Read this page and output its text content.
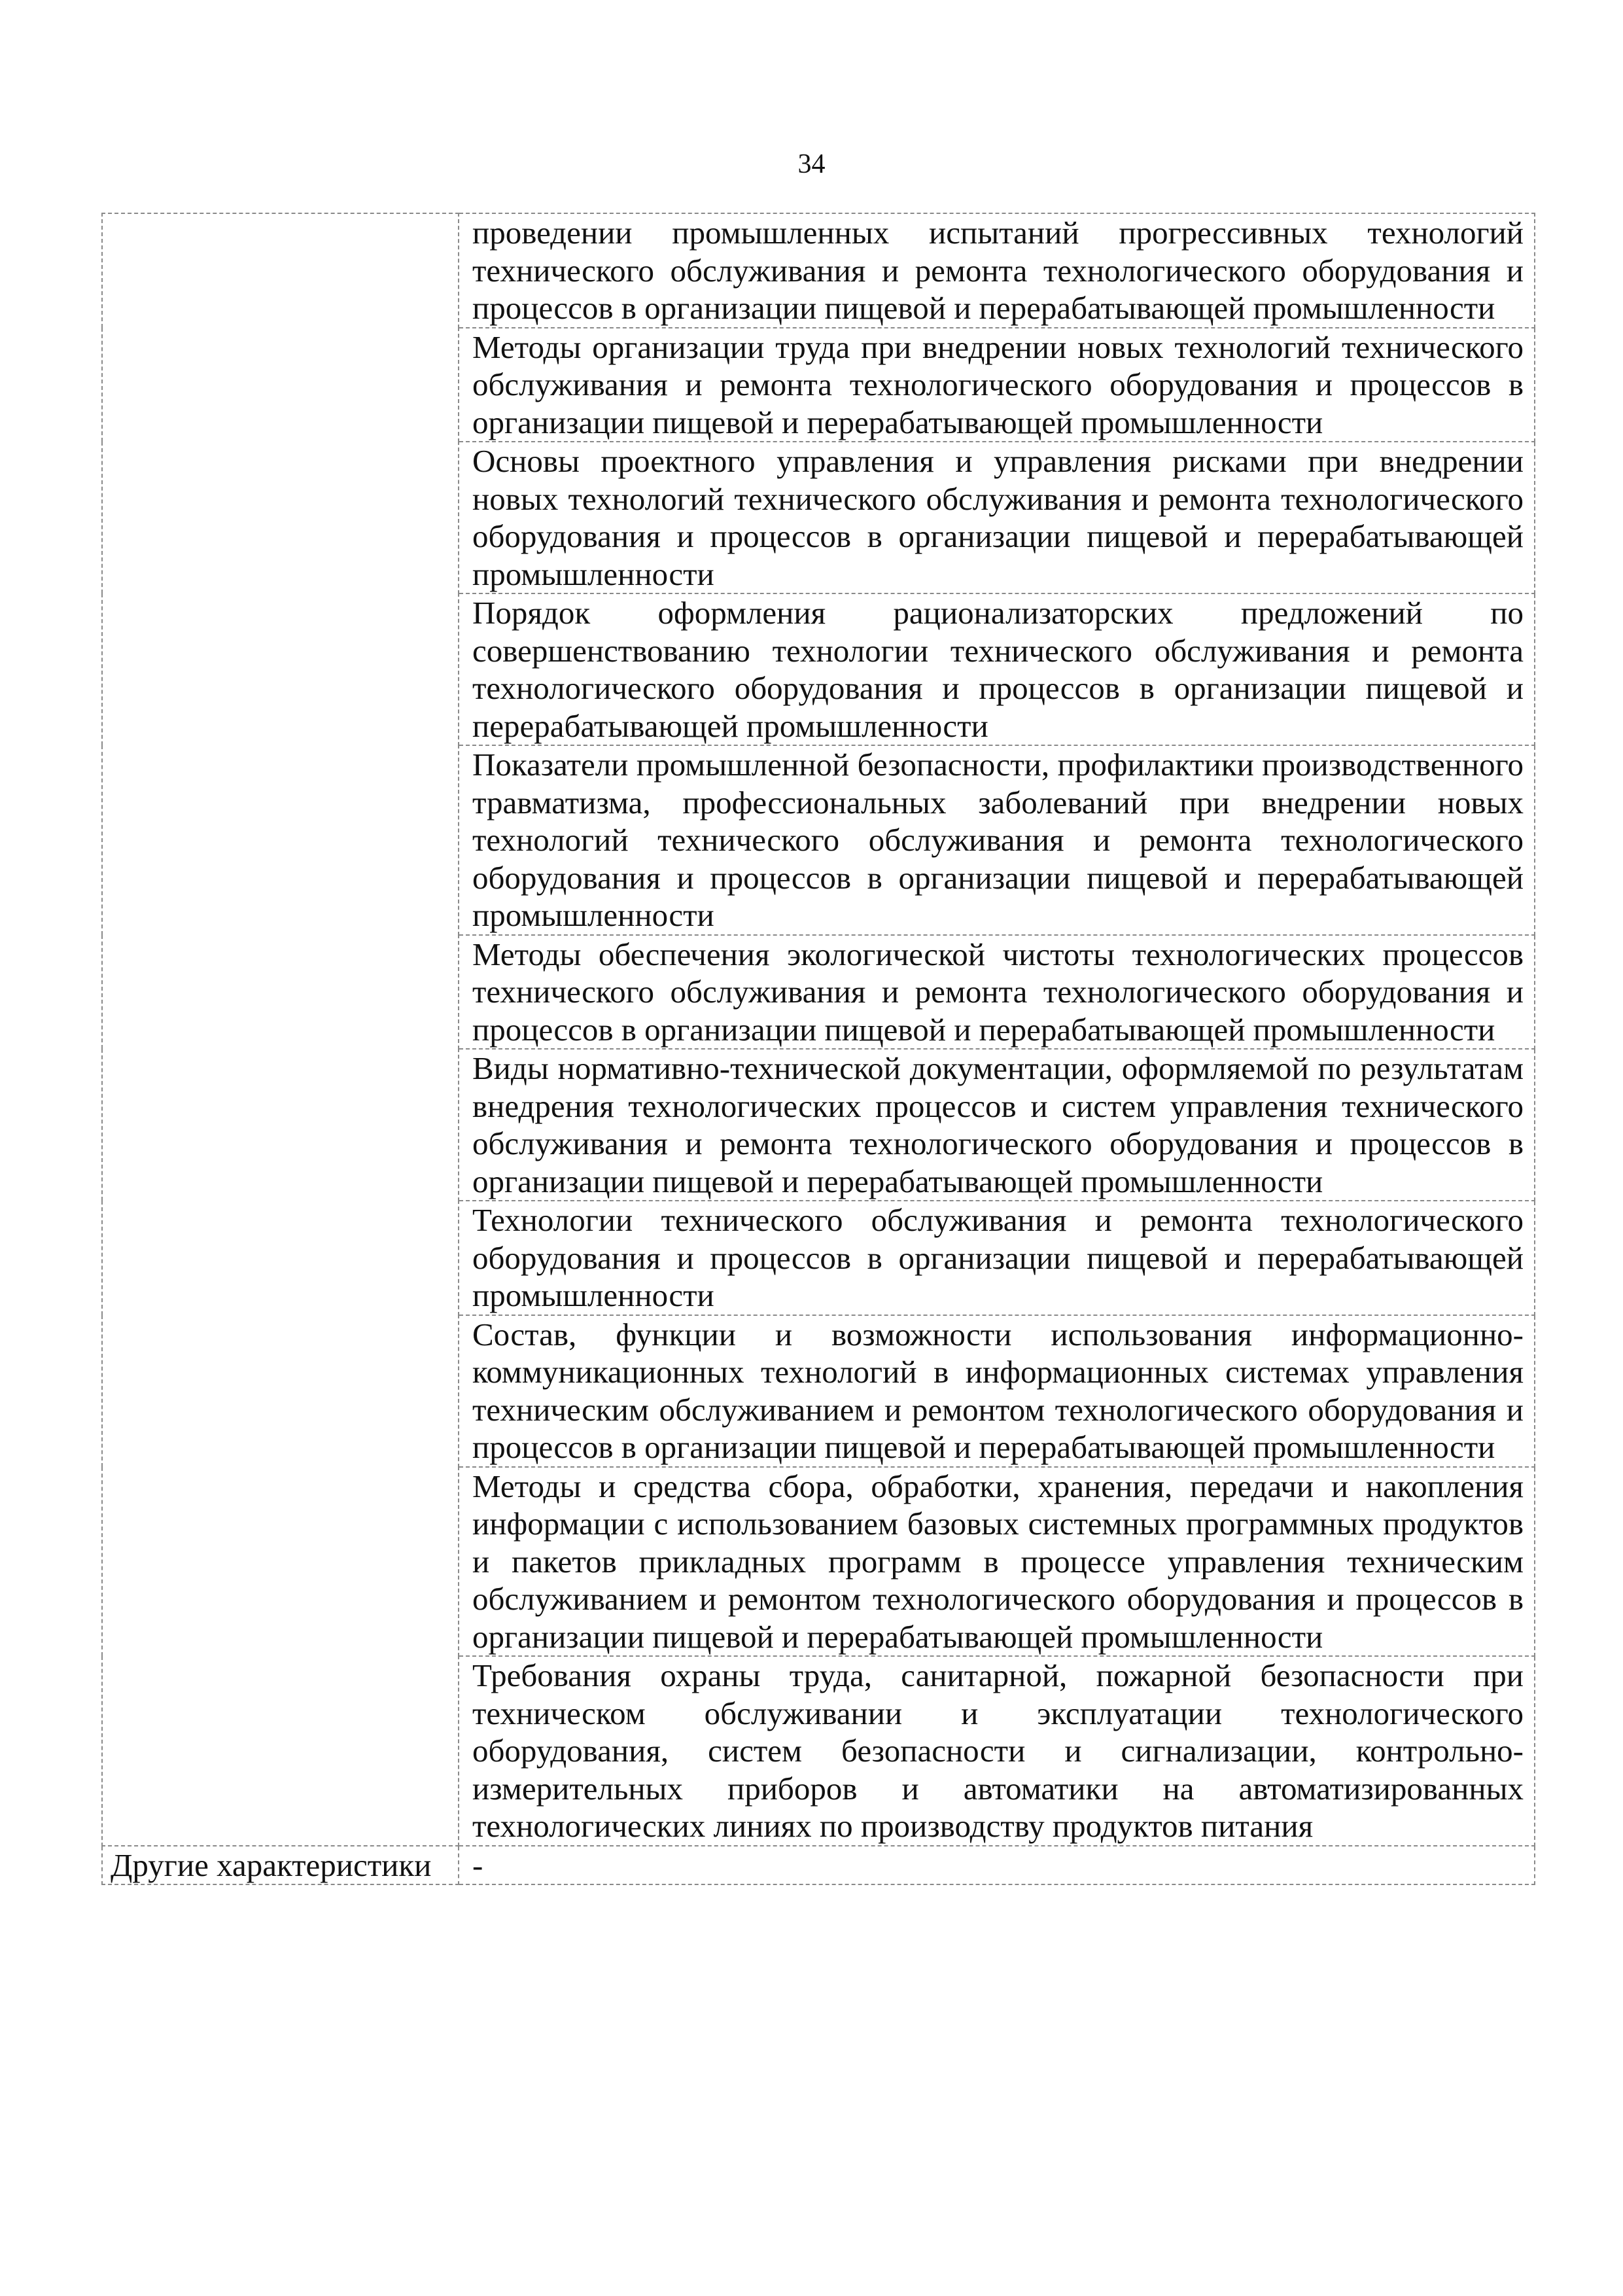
34

	проведении промышленных испытаний прогрессивных технологий технического обслуживания и ремонта технологического оборудования и процессов в организации пищевой и перерабатывающей промышленности

	Методы организации труда при внедрении новых технологий технического обслуживания и ремонта технологического оборудования и процессов в организации пищевой и перерабатывающей промышленности

	Основы проектного управления и управления рисками при внедрении новых технологий технического обслуживания и ремонта технологического оборудования и процессов в организации пищевой и перерабатывающей промышленности

	Порядок оформления рационализаторских предложений по совершенствованию технологии технического обслуживания и ремонта технологического оборудования и процессов в организации пищевой и перерабатывающей промышленности

	Показатели промышленной безопасности, профилактики производственного травматизма, профессиональных заболеваний при внедрении новых технологий технического обслуживания и ремонта технологического оборудования и процессов в организации пищевой и перерабатывающей промышленности

	Методы обеспечения экологической чистоты технологических процессов технического обслуживания и ремонта технологического оборудования и процессов в организации пищевой и перерабатывающей промышленности

	Виды нормативно-технической документации, оформляемой по результатам внедрения технологических процессов и систем управления технического обслуживания и ремонта технологического оборудования и процессов в организации пищевой и перерабатывающей промышленности

	Технологии технического обслуживания и ремонта технологического оборудования и процессов в организации пищевой и перерабатывающей промышленности

	Состав, функции и возможности использования информационно-коммуникационных технологий в информационных системах управления техническим обслуживанием и ремонтом технологического оборудования и процессов в организации пищевой и перерабатывающей промышленности

	Методы и средства сбора, обработки, хранения, передачи и накопления информации с использованием базовых системных программных продуктов и пакетов прикладных программ в процессе управления техническим обслуживанием и ремонтом технологического оборудования и процессов в организации пищевой и перерабатывающей промышленности

	Требования охраны труда, санитарной, пожарной безопасности при техническом обслуживании и эксплуатации технологического оборудования, систем безопасности и сигнализации, контрольно-измерительных приборов и автоматики на автоматизированных технологических линиях по производству продуктов питания

Другие характеристики	-
